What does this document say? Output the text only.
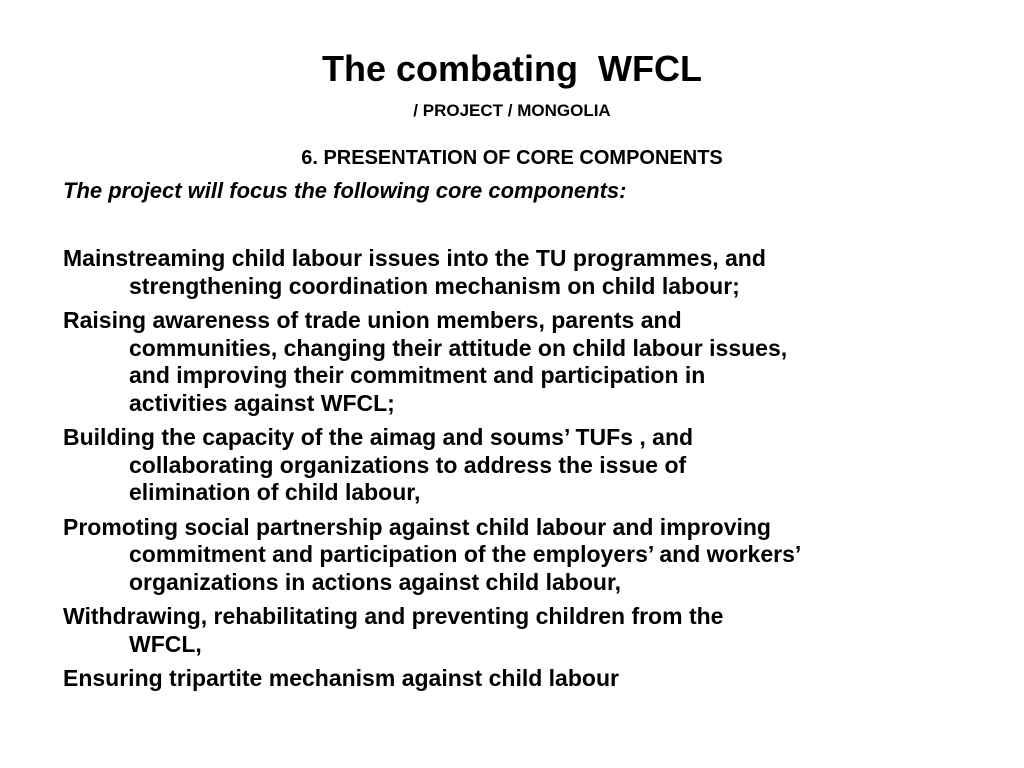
The combating  WFCL
/ PROJECT / MONGOLIA
6. PRESENTATION OF CORE COMPONENTS
The project will focus the following core components:
Mainstreaming child labour issues into the TU programmes, and
strengthening coordination mechanism on child labour;
Raising awareness of trade union members, parents and
communities, changing their attitude on child labour issues,
and improving their commitment and participation in
activities against WFCL;
Building the capacity of the aimag and soums’ TUFs , and
collaborating organizations to address the issue of
elimination of child labour,
Promoting social partnership against child labour and improving
commitment and participation of the employers’ and workers’
organizations in actions against child labour,
Withdrawing, rehabilitating and preventing children from the
WFCL,
Ensuring tripartite mechanism against child labour
